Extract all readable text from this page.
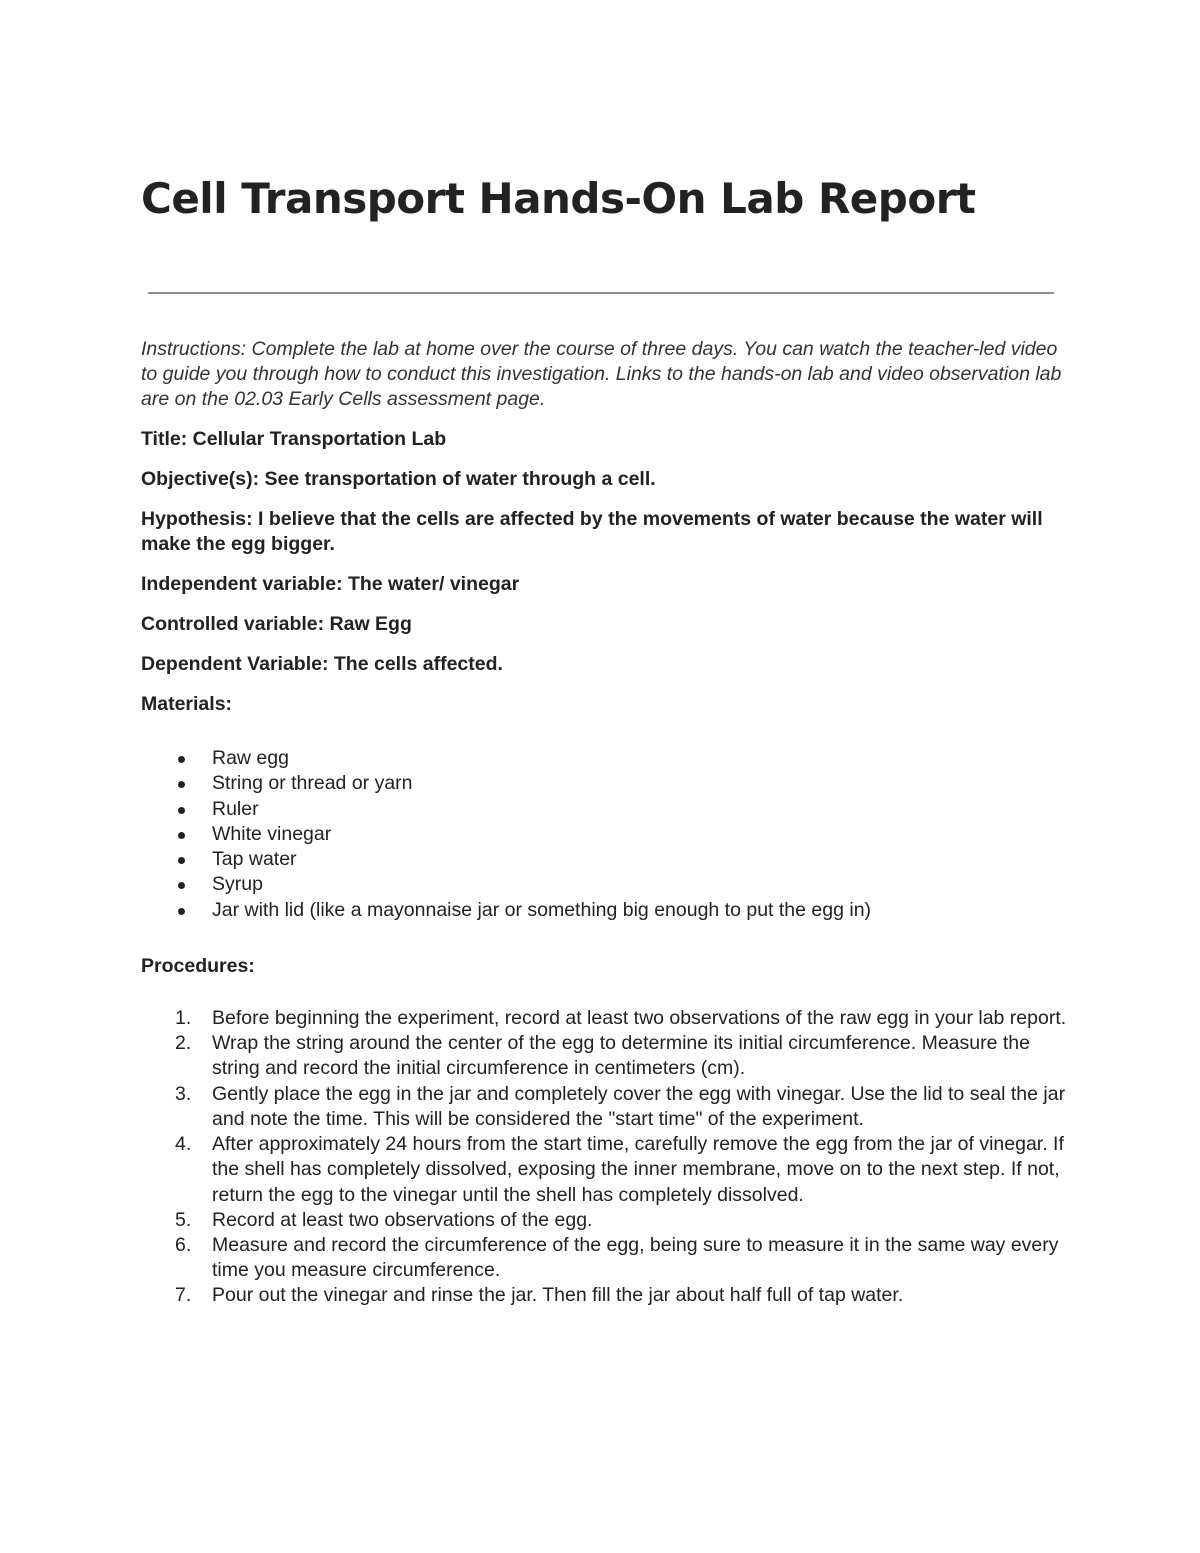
Cell Transport Hands-On Lab Report

Instructions: Complete the lab at home over the course of three days. You can watch the teacher-led video to guide you through how to conduct this investigation. Links to the hands-on lab and video observation lab are on the 02.03 Early Cells assessment page.

Title: Cellular Transportation Lab

Objective(s): See transportation of water through a cell.

Hypothesis: I believe that the cells are affected by the movements of water because the water will make the egg bigger.

Independent variable: The water/ vinegar

Controlled variable: Raw Egg

Dependent Variable: The cells affected.

Materials:

Raw egg
String or thread or yarn
Ruler
White vinegar
Tap water
Syrup
Jar with lid (like a mayonnaise jar or something big enough to put the egg in)

Procedures:

1. Before beginning the experiment, record at least two observations of the raw egg in your lab report.
2. Wrap the string around the center of the egg to determine its initial circumference. Measure the string and record the initial circumference in centimeters (cm).
3. Gently place the egg in the jar and completely cover the egg with vinegar. Use the lid to seal the jar and note the time. This will be considered the "start time" of the experiment.
4. After approximately 24 hours from the start time, carefully remove the egg from the jar of vinegar. If the shell has completely dissolved, exposing the inner membrane, move on to the next step. If not, return the egg to the vinegar until the shell has completely dissolved.
5. Record at least two observations of the egg.
6. Measure and record the circumference of the egg, being sure to measure it in the same way every time you measure circumference.
7. Pour out the vinegar and rinse the jar. Then fill the jar about half full of tap water.
